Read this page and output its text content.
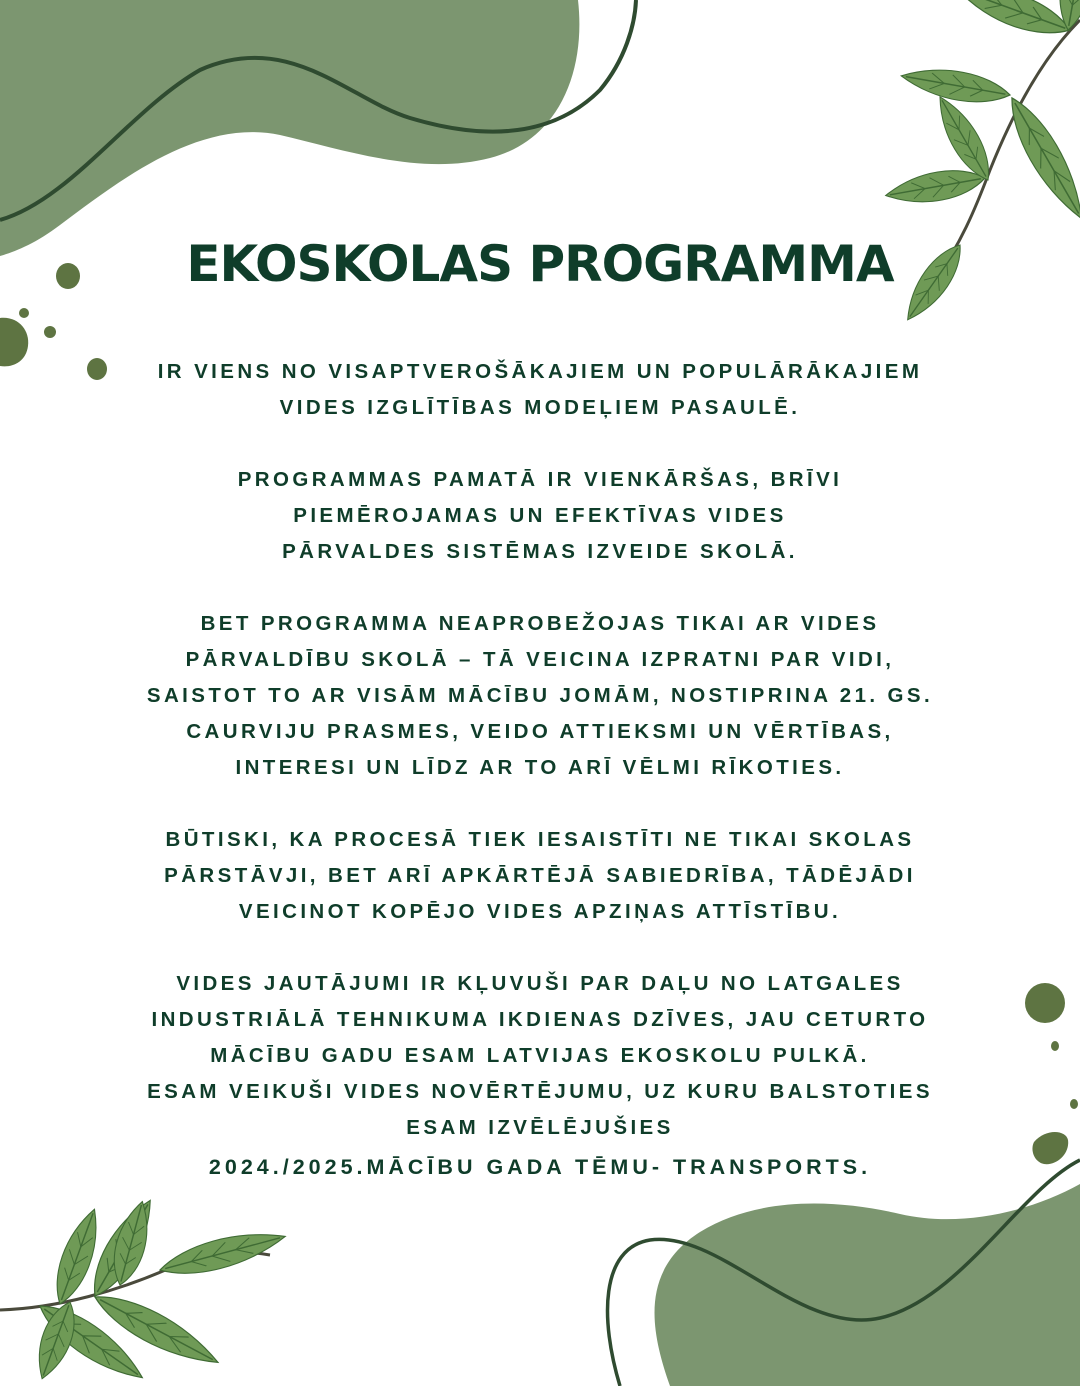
EKOSKOLAS PROGRAMMA

IR VIENS NO VISAPTVEROŠĀKAJIEM UN POPULĀRĀKAJIEM
VIDES IZGLĪTĪBAS MODEĻIEM PASAULĒ.

PROGRAMMAS PAMATĀ IR VIENKĀRŠAS, BRĪVI
PIEMĒROJAMAS UN EFEKTĪVAS VIDES
PĀRVALDES SISTĒMAS IZVEIDE SKOLĀ.

BET PROGRAMMA NEAPROBEŽOJAS TIKAI AR VIDES
PĀRVALDĪBU SKOLĀ – TĀ VEICINA IZPRATNI PAR VIDI,
SAISTOT TO AR VISĀM MĀCĪBU JOMĀM, NOSTIPRINA 21. GS.
CAURVIJU PRASMES, VEIDO ATTIEKSMI UN VĒRTĪBAS,
INTERESI UN LĪDZ AR TO ARĪ VĒLMI RĪKOTIES.

BŪTISKI, KA PROCESĀ TIEK IESAISTĪTI NE TIKAI SKOLAS
PĀRSTĀVJI, BET ARĪ APKĀRTĒJĀ SABIEDRĪBA, TĀDĒJĀDI
VEICINOT KOPĒJO VIDES APZIŅAS ATTĪSTĪBU.

VIDES JAUTĀJUMI IR KĻUVUŠI PAR DAĻU NO LATGALES
INDUSTRIĀLĀ TEHNIKUMA IKDIENAS DZĪVES, JAU CETURTO
MĀCĪBU GADU ESAM LATVIJAS EKOSKOLU PULKĀ.
ESAM VEIKUŠI VIDES NOVĒRTĒJUMU, UZ KURU BALSTOTIES
ESAM IZVĒLĒJUŠIES
2024./2025.MĀCĪBU GADA TĒMU- TRANSPORTS.
